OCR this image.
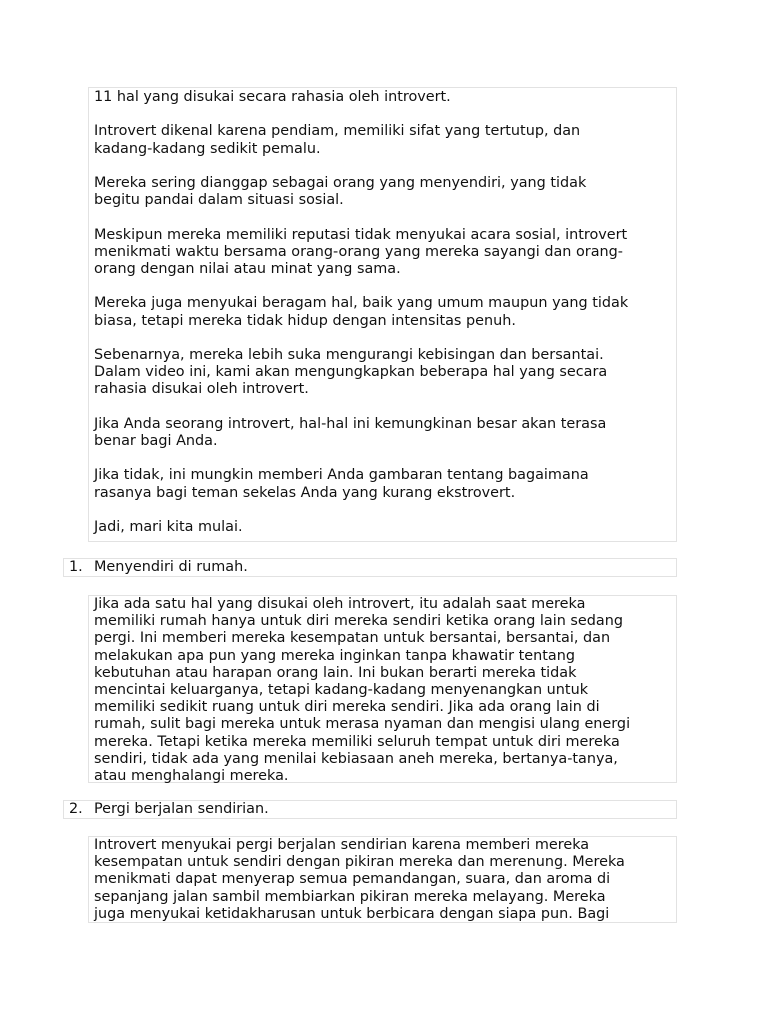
11 hal yang disukai secara rahasia oleh introvert.

Introvert dikenal karena pendiam, memiliki sifat yang tertutup, dan
kadang-kadang sedikit pemalu.

Mereka sering dianggap sebagai orang yang menyendiri, yang tidak
begitu pandai dalam situasi sosial.

Meskipun mereka memiliki reputasi tidak menyukai acara sosial, introvert
menikmati waktu bersama orang-orang yang mereka sayangi dan orang-
orang dengan nilai atau minat yang sama.

Mereka juga menyukai beragam hal, baik yang umum maupun yang tidak
biasa, tetapi mereka tidak hidup dengan intensitas penuh.

Sebenarnya, mereka lebih suka mengurangi kebisingan dan bersantai.
Dalam video ini, kami akan mengungkapkan beberapa hal yang secara
rahasia disukai oleh introvert.

Jika Anda seorang introvert, hal-hal ini kemungkinan besar akan terasa
benar bagi Anda.

Jika tidak, ini mungkin memberi Anda gambaran tentang bagaimana
rasanya bagi teman sekelas Anda yang kurang ekstrovert.

Jadi, mari kita mulai.

1. Menyendiri di rumah.

Jika ada satu hal yang disukai oleh introvert, itu adalah saat mereka
memiliki rumah hanya untuk diri mereka sendiri ketika orang lain sedang
pergi. Ini memberi mereka kesempatan untuk bersantai, bersantai, dan
melakukan apa pun yang mereka inginkan tanpa khawatir tentang
kebutuhan atau harapan orang lain. Ini bukan berarti mereka tidak
mencintai keluarganya, tetapi kadang-kadang menyenangkan untuk
memiliki sedikit ruang untuk diri mereka sendiri. Jika ada orang lain di
rumah, sulit bagi mereka untuk merasa nyaman dan mengisi ulang energi
mereka. Tetapi ketika mereka memiliki seluruh tempat untuk diri mereka
sendiri, tidak ada yang menilai kebiasaan aneh mereka, bertanya-tanya,
atau menghalangi mereka.

2. Pergi berjalan sendirian.

Introvert menyukai pergi berjalan sendirian karena memberi mereka
kesempatan untuk sendiri dengan pikiran mereka dan merenung. Mereka
menikmati dapat menyerap semua pemandangan, suara, dan aroma di
sepanjang jalan sambil membiarkan pikiran mereka melayang. Mereka
juga menyukai ketidakharusan untuk berbicara dengan siapa pun. Bagi
